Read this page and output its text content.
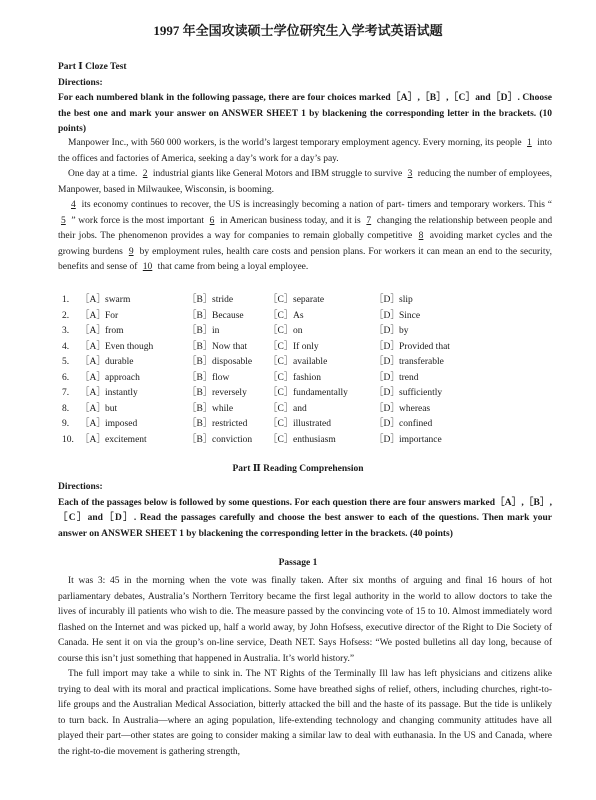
1997 年全国攻读硕士学位研究生入学考试英语试题
Part Ⅰ Cloze Test
Directions:

For each numbered blank in the following passage, there are four choices marked［A］,［B］,［C］and［D］. Choose the best one and mark your answer on ANSWER SHEET 1 by blackening the corresponding letter in the brackets. (10 points)

Manpower Inc., with 560 000 workers, is the world’s largest temporary employment agency. Every morning, its people 1 into the offices and factories of America, seeking a day’s work for a day’s pay.

One day at a time. 2 industrial giants like General Motors and IBM struggle to survive 3 reducing the number of employees, Manpower, based in Milwaukee, Wisconsin, is booming.

4 its economy continues to recover, the US is increasingly becoming a nation of part- timers and temporary workers. This “ 5 ” work force is the most important 6 in American business today, and it is 7 changing the relationship between people and their jobs. The phenomenon provides a way for companies to remain globally competitive 8 avoiding market cycles and the growing burdens 9 by employment rules, health care costs and pension plans. For workers it can mean an end to the security, benefits and sense of 10 that came from being a loyal employee.

1. ［A］ swarm	［B］ stride	［C］ separate	［D］ slip
2. ［A］ For	［B］ Because	［C］ As	［D］ Since
3. ［A］ from	［B］ in	［C］ on	［D］ by
4. ［A］ Even though	［B］ Now that ［C］ If only	［D］ Provided that
5. ［A］ durable	［B］ disposable ［C］ available	［D］ transferable
6. ［A］ approach	［B］ flow	［C］ fashion	［D］ trend
7. ［A］ instantly	［B］ reversely ［C］ fundamentally	［D］ sufficiently
8. ［A］ but	［B］ while	［C］ and	［D］ whereas
9. ［A］ imposed	［B］ restricted ［C］ illustrated	［D］ confined
10. ［A］ excitement	［B］ conviction ［C］ enthusiasm	［D］ importance
Part Ⅱ Reading Comprehension
Directions:

Each of the passages below is followed by some questions. For each question there are four answers marked［A］,［B］,［C］and［D］. Read the passages carefully and choose the best answer to each of the questions. Then mark your answer on ANSWER SHEET 1 by blackening the corresponding letter in the brackets. (40 points)

Passage 1

It was 3: 45 in the morning when the vote was finally taken. After six months of arguing and final 16 hours of hot parliamentary debates, Australia’s Northern Territory became the first legal authority in the world to allow doctors to take the lives of incurably ill patients who wish to die. The measure passed by the convincing vote of 15 to 10. Almost immediately word flashed on the Internet and was picked up, half a world away, by John Hofsess, executive director of the Right to Die Society of Canada. He sent it on via the group’s on-line service, Death NET. Says Hofsess: “We posted bulletins all day long, because of course this isn’t just something that happened in Australia. It’s world history.”

The full import may take a while to sink in. The NT Rights of the Terminally Ill law has left physicians and citizens alike trying to deal with its moral and practical implications. Some have breathed sighs of relief, others, including churches, right-to-life groups and the Australian Medical Association, bitterly attacked the bill and the haste of its passage. But the tide is unlikely to turn back. In Australia—where an aging population, life-extending technology and changing community attitudes have all played their part—other states are going to consider making a similar law to deal with euthanasia. In the US and Canada, where the right-to-die movement is gathering strength,
